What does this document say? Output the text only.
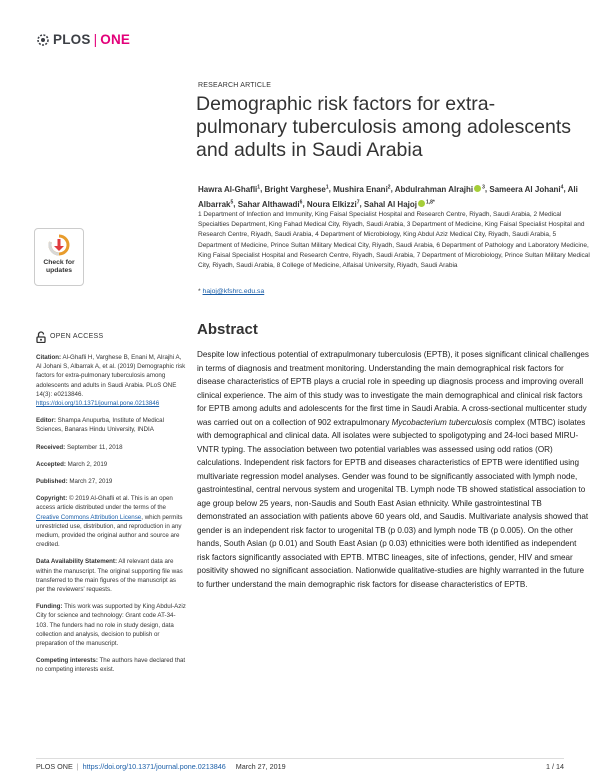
PLOS | ONE
RESEARCH ARTICLE
Demographic risk factors for extra-pulmonary tuberculosis among adolescents and adults in Saudi Arabia
Hawra Al-Ghafli$^1$, Bright Varghese$^1$, Mushira Enani$^2$, Abdulrahman Alrajhi $^3$, Sameera Al Johani$^4$, Ali Albarrak$^5$, Sahar Althawadi$^6$, Noura Elkizzi$^7$, Sahal Al Hajoj $^{1,8*}$
1 Department of Infection and Immunity, King Faisal Specialist Hospital and Research Centre, Riyadh, Saudi Arabia, 2 Medical Specialties Department, King Fahad Medical City, Riyadh, Saudi Arabia, 3 Department of Medicine, King Faisal Specialist Hospital and Research Centre, Riyadh, Saudi Arabia, 4 Department of Microbiology, King Abdul Aziz Medical City, Riyadh, Saudi Arabia, 5 Department of Medicine, Prince Sultan Military Medical City, Riyadh, Saudi Arabia, 6 Department of Pathology and Laboratory Medicine, King Faisal Specialist Hospital and Research Centre, Riyadh, Saudi Arabia, 7 Department of Microbiology, Prince Sultan Military Medical City, Riyadh, Saudi Arabia, 8 College of Medicine, Alfaisal University, Riyadh, Saudi Arabia
* hajoj@kfshrc.edu.sa
Check for
updates
OPEN ACCESS
Citation: Al-Ghafli H, Varghese B, Enani M, Alrajhi A, Al Johani S, Albarrak A, et al. (2019) Demographic risk factors for extra-pulmonary tuberculosis among adolescents and adults in Saudi Arabia. PLoS ONE 14(3): e0213846. https://doi.org/10.1371/journal.pone.0213846
Editor: Shampa Anupurba, Institute of Medical Sciences, Banaras Hindu University, INDIA
Received: September 11, 2018
Accepted: March 2, 2019
Published: March 27, 2019
Copyright: © 2019 Al-Ghafli et al. This is an open access article distributed under the terms of the Creative Commons Attribution License, which permits unrestricted use, distribution, and reproduction in any medium, provided the original author and source are credited.
Data Availability Statement: All relevant data are within the manuscript. The original supporting file was transferred to the main figures of the manuscript as per the reviewers' requests.
Funding: This work was supported by King Abdul-Aziz City for science and technology: Grant code AT-34-103. The funders had no role in study design, data collection and analysis, decision to publish or preparation of the manuscript.
Competing interests: The authors have declared that no competing interests exist.
Abstract

Despite low infectious potential of extrapulmonary tuberculosis (EPTB), it poses significant clinical challenges in terms of diagnosis and treatment monitoring. Understanding the main demographical risk factors for disease characteristics of EPTB plays a crucial role in speeding up diagnosis process and improving overall clinical experience. The aim of this study was to investigate the main demographical and clinical risk factors for EPTB among adults and adolescents for the first time in Saudi Arabia. A cross-sectional multicenter study was carried out on a collection of 902 extrapulmonary Mycobacterium tuberculosis complex (MTBC) isolates with demographical and clinical data. All isolates were subjected to spoligotyping and 24-loci based MIRU-VNTR typing. The association between two potential variables was assessed using odd ratios (OR) calculations. Independent risk factors for EPTB and diseases characteristics of EPTB were identified using multivariate regression model analyses. Gender was found to be significantly associated with lymph node, gastrointestinal, central nervous system and urogenital TB. Lymph node TB showed statistical association to age group below 25 years, non-Saudis and South East Asian ethnicity. While gastrointestinal TB demonstrated an association with patients above 60 years old, and Saudis. Multivariate analysis showed that gender is an independent risk factor to urogenital TB (p 0.03) and lymph node TB (p 0.005). On the other hands, South Asian (p 0.01) and South East Asian (p 0.03) ethnicities were both identified as independent risk factors significantly associated with EPTB. MTBC lineages, site of infections, gender, HIV and smear positivity showed no significant association. Nationwide qualitative-studies are highly warranted in the future to further understand the main demographic risk factors for disease characteristics of EPTB.

PLOS ONE | https://doi.org/10.1371/journal.pone.0213846 March 27, 2019	1 / 14
